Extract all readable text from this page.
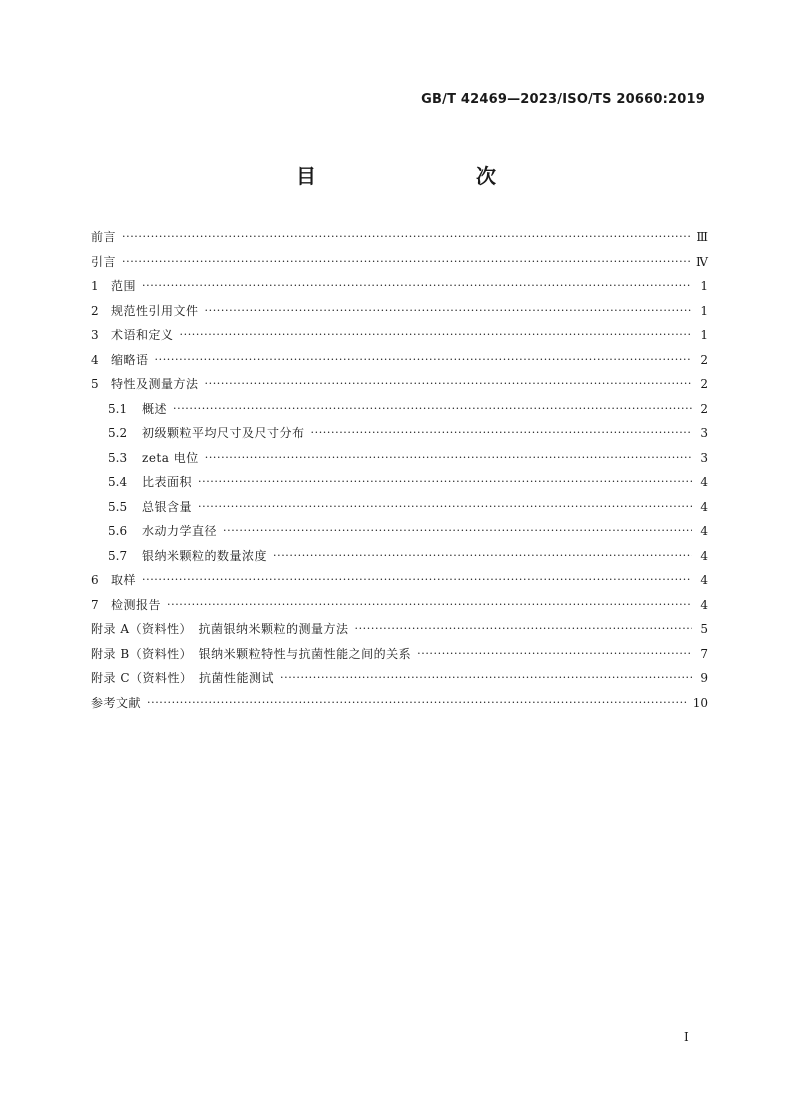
GB/T 42469—2023/ISO/TS 20660:2019
目　　次
前言 ·····	Ⅲ
引言 ·····	Ⅳ
1	范围 ·····	1
2	规范性引用文件 ·····	1
3	术语和定义 ·····	1
4	缩略语 ·····	2
5	特性及测量方法 ·····	2
5.1	概述 ·····	2
5.2	初级颗粒平均尺寸及尺寸分布 ·····	3
5.3	zeta 电位 ·····	3
5.4	比表面积 ·····	4
5.5	总银含量 ·····	4
5.6	水动力学直径 ·····	4
5.7	银纳米颗粒的数量浓度 ·····	4
6	取样 ·····	4
7	检测报告 ·····	4
附录 A（资料性）　抗菌银纳米颗粒的测量方法 ·····	5
附录 B（资料性）　银纳米颗粒特性与抗菌性能之间的关系 ·····	7
附录 C（资料性）　抗菌性能测试 ·····	9
参考文献 ·····	10
I
